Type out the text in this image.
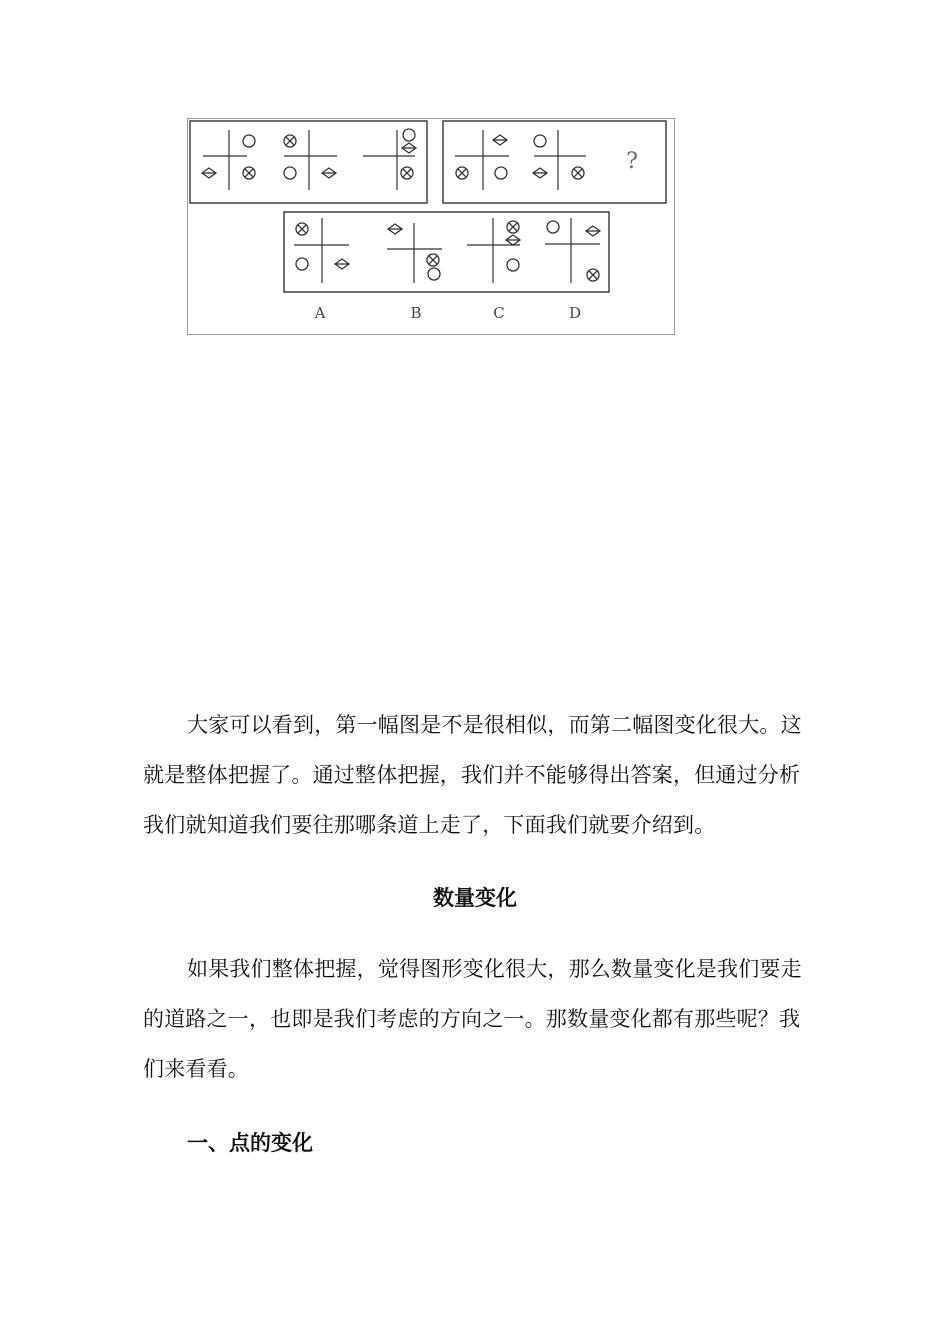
?
A	B	C	D

大家可以看到，第一幅图是不是很相似，而第二幅图变化很大。这就是整体把握了。通过整体把握，我们并不能够得出答案，但通过分析我们就知道我们要往那哪条道上走了，下面我们就要介绍到。

数量变化

如果我们整体把握，觉得图形变化很大，那么数量变化是我们要走的道路之一，也即是我们考虑的方向之一。那数量变化都有那些呢？我们来看看。

一、点的变化
